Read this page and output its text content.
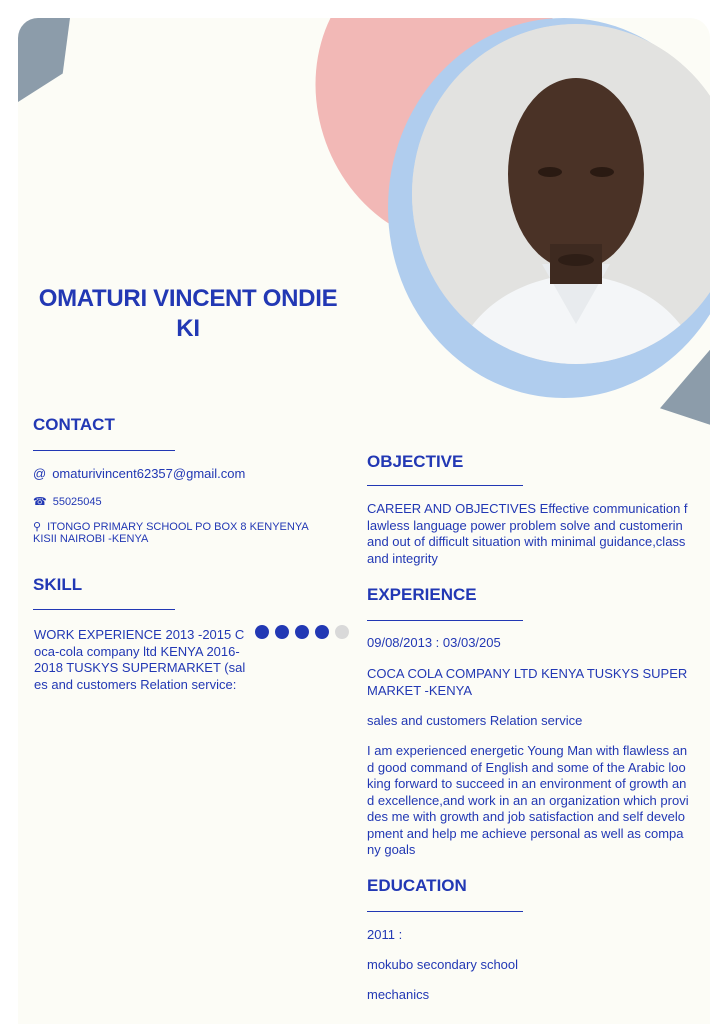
OMATURI VINCENT ONDIE
KI
CONTACT
@ omaturivincent62357@gmail.com
☎ 55025045
⚲ ITONGO PRIMARY SCHOOL PO BOX 8 KENYENYA KISII NAIROBI -KENYA
SKILL
WORK EXPERIENCE 2013 -2015 Coca-cola company ltd KENYA 2016-2018 TUSKYS SUPERMARKET (sales and customers Relation service:
OBJECTIVE
CAREER AND OBJECTIVES Effective communication flawless language power problem solve and customerin and out of difficult situation with minimal guidance,class and integrity
EXPERIENCE
09/08/2013 : 03/03/205
COCA COLA COMPANY LTD KENYA TUSKYS SUPER MARKET -KENYA
sales and customers Relation service
I am experienced energetic Young Man with flawless and good command of English and some of the Arabic looking forward to succeed in an environment of growth and excellence,and work in an an organization which provides me with growth and job satisfaction and self development and help me achieve personal as well as company goals
EDUCATION
2011 :
mokubo secondary school
mechanics
